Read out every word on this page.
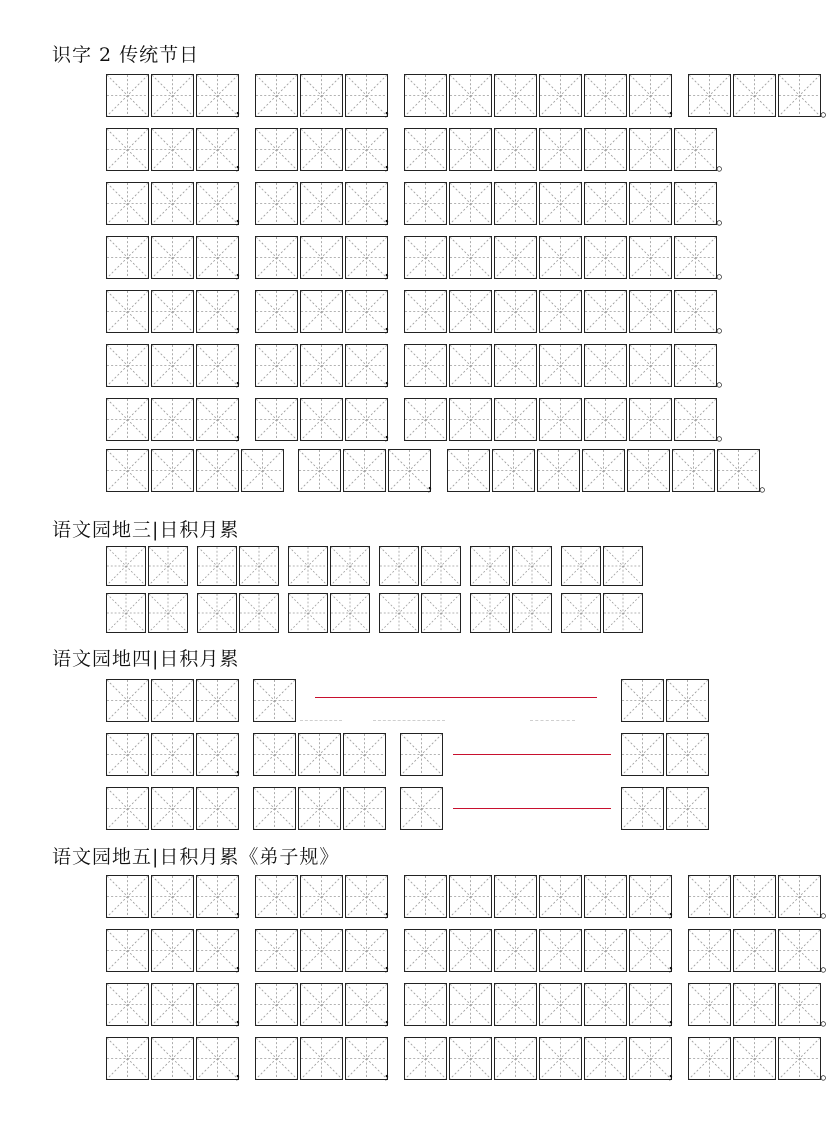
识字 2 传统节日
，	，	，	。
，	，	。
，	，	。
，	，	。
，	，	。
，	，	。
，	，	。
，	。
语文园地三|日积月累
语文园地四|日积月累
，
语文园地五|日积月累《弟子规》
，	，	，	。
，	，	，	。
，	，	，	。
，	，	，	。
